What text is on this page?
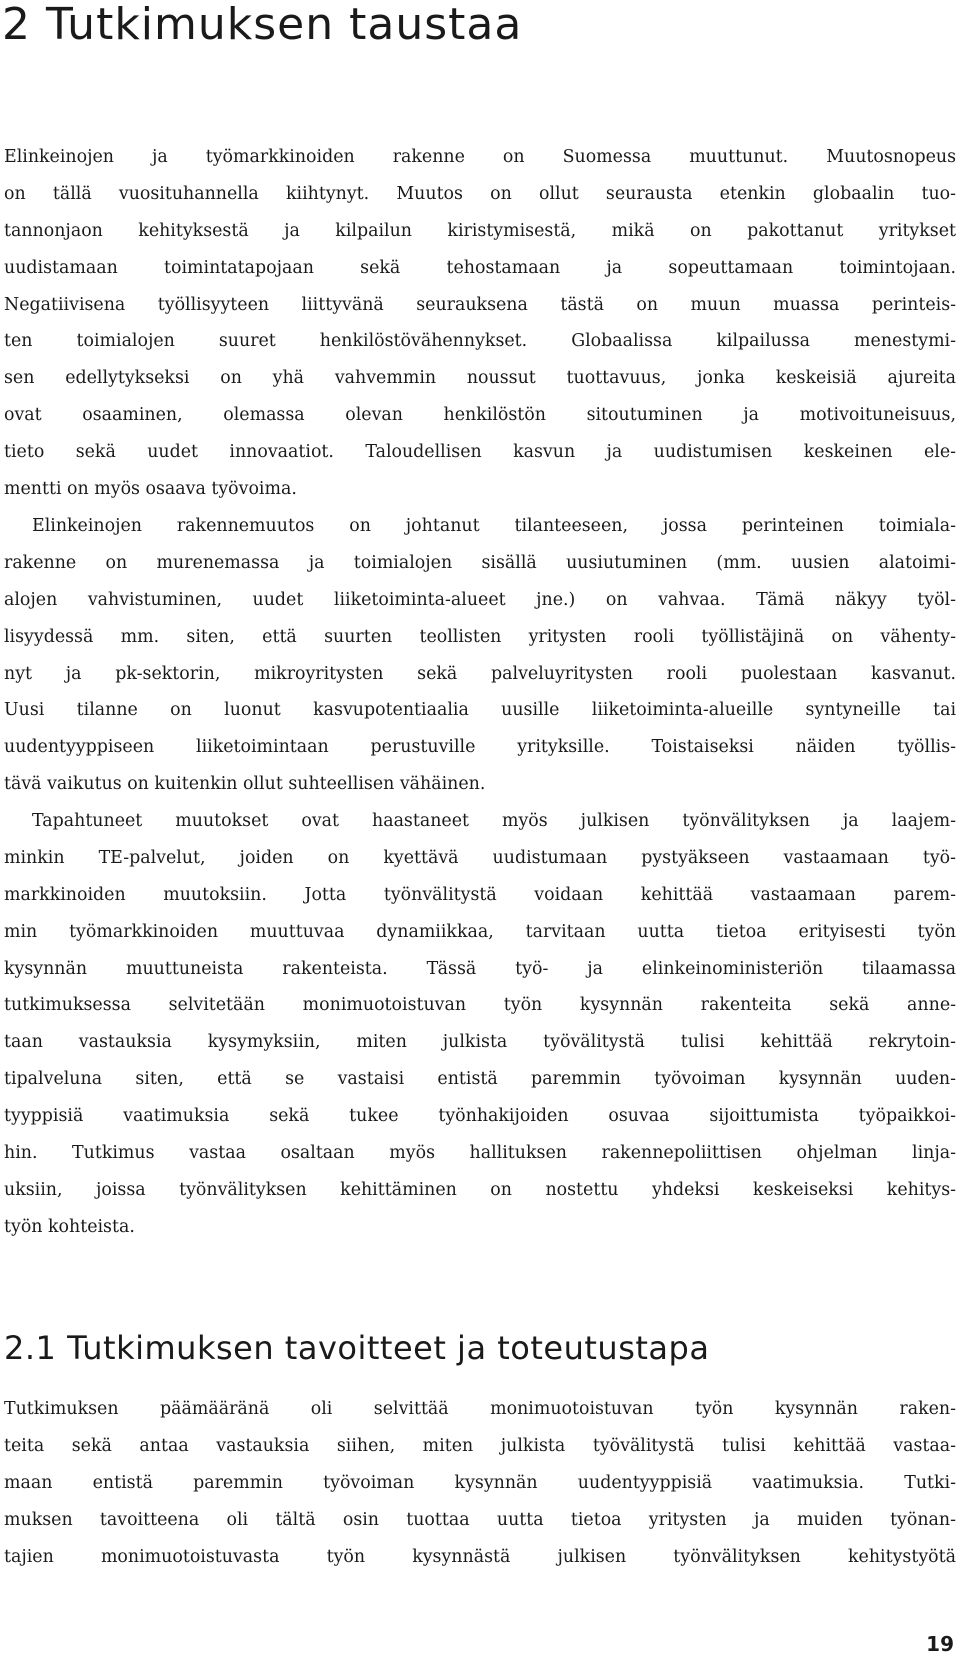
2 Tutkimuksen taustaa
Elinkeinojen ja työmarkkinoiden rakenne on Suomessa muuttunut. Muutosnopeus
on tällä vuosituhannella kiihtynyt. Muutos on ollut seurausta etenkin globaalin tuo-
tannonjaon kehityksestä ja kilpailun kiristymisestä, mikä on pakottanut yritykset
uudistamaan toimintatapojaan sekä tehostamaan ja sopeuttamaan toimintojaan.
Negatiivisena työllisyyteen liittyvänä seurauksena tästä on muun muassa perinteis-
ten toimialojen suuret henkilöstövähennykset. Globaalissa kilpailussa menestymi-
sen edellytykseksi on yhä vahvemmin noussut tuottavuus, jonka keskeisiä ajureita
ovat osaaminen, olemassa olevan henkilöstön sitoutuminen ja motivoituneisuus,
tieto sekä uudet innovaatiot. Taloudellisen kasvun ja uudistumisen keskeinen ele-
mentti on myös osaava työvoima.
Elinkeinojen rakennemuutos on johtanut tilanteeseen, jossa perinteinen toimiala-
rakenne on murenemassa ja toimialojen sisällä uusiutuminen (mm. uusien alatoimi-
alojen vahvistuminen, uudet liiketoiminta-alueet jne.) on vahvaa. Tämä näkyy työl-
lisyydessä mm. siten, että suurten teollisten yritysten rooli työllistäjinä on vähenty-
nyt ja pk-sektorin, mikroyritysten sekä palveluyritysten rooli puolestaan kasvanut.
Uusi tilanne on luonut kasvupotentiaalia uusille liiketoiminta-alueille syntyneille tai
uudentyyppiseen liiketoimintaan perustuville yrityksille. Toistaiseksi näiden työllis-
tävä vaikutus on kuitenkin ollut suhteellisen vähäinen.
Tapahtuneet muutokset ovat haastaneet myös julkisen työnvälityksen ja laajem-
minkin TE-palvelut, joiden on kyettävä uudistumaan pystyäkseen vastaamaan työ-
markkinoiden muutoksiin. Jotta työnvälitystä voidaan kehittää vastaamaan parem-
min työmarkkinoiden muuttuvaa dynamiikkaa, tarvitaan uutta tietoa erityisesti työn
kysynnän muuttuneista rakenteista. Tässä työ- ja elinkeinoministeriön tilaamassa
tutkimuksessa selvitetään monimuotoistuvan työn kysynnän rakenteita sekä anne-
taan vastauksia kysymyksiin, miten julkista työvälitystä tulisi kehittää rekrytoin-
tipalveluna siten, että se vastaisi entistä paremmin työvoiman kysynnän uuden-
tyyppisiä vaatimuksia sekä tukee työnhakijoiden osuvaa sijoittumista työpaikkoi-
hin. Tutkimus vastaa osaltaan myös hallituksen rakennepoliittisen ohjelman linja-
uksiin, joissa työnvälityksen kehittäminen on nostettu yhdeksi keskeiseksi kehitys-
työn kohteista.
2.1 Tutkimuksen tavoitteet ja toteutustapa
Tutkimuksen päämääränä oli selvittää monimuotoistuvan työn kysynnän raken-
teita sekä antaa vastauksia siihen, miten julkista työvälitystä tulisi kehittää vastaa-
maan entistä paremmin työvoiman kysynnän uudentyyppisiä vaatimuksia. Tutki-
muksen tavoitteena oli tältä osin tuottaa uutta tietoa yritysten ja muiden työnan-
tajien monimuotoistuvasta työn kysynnästä julkisen työnvälityksen kehitystyötä
19
